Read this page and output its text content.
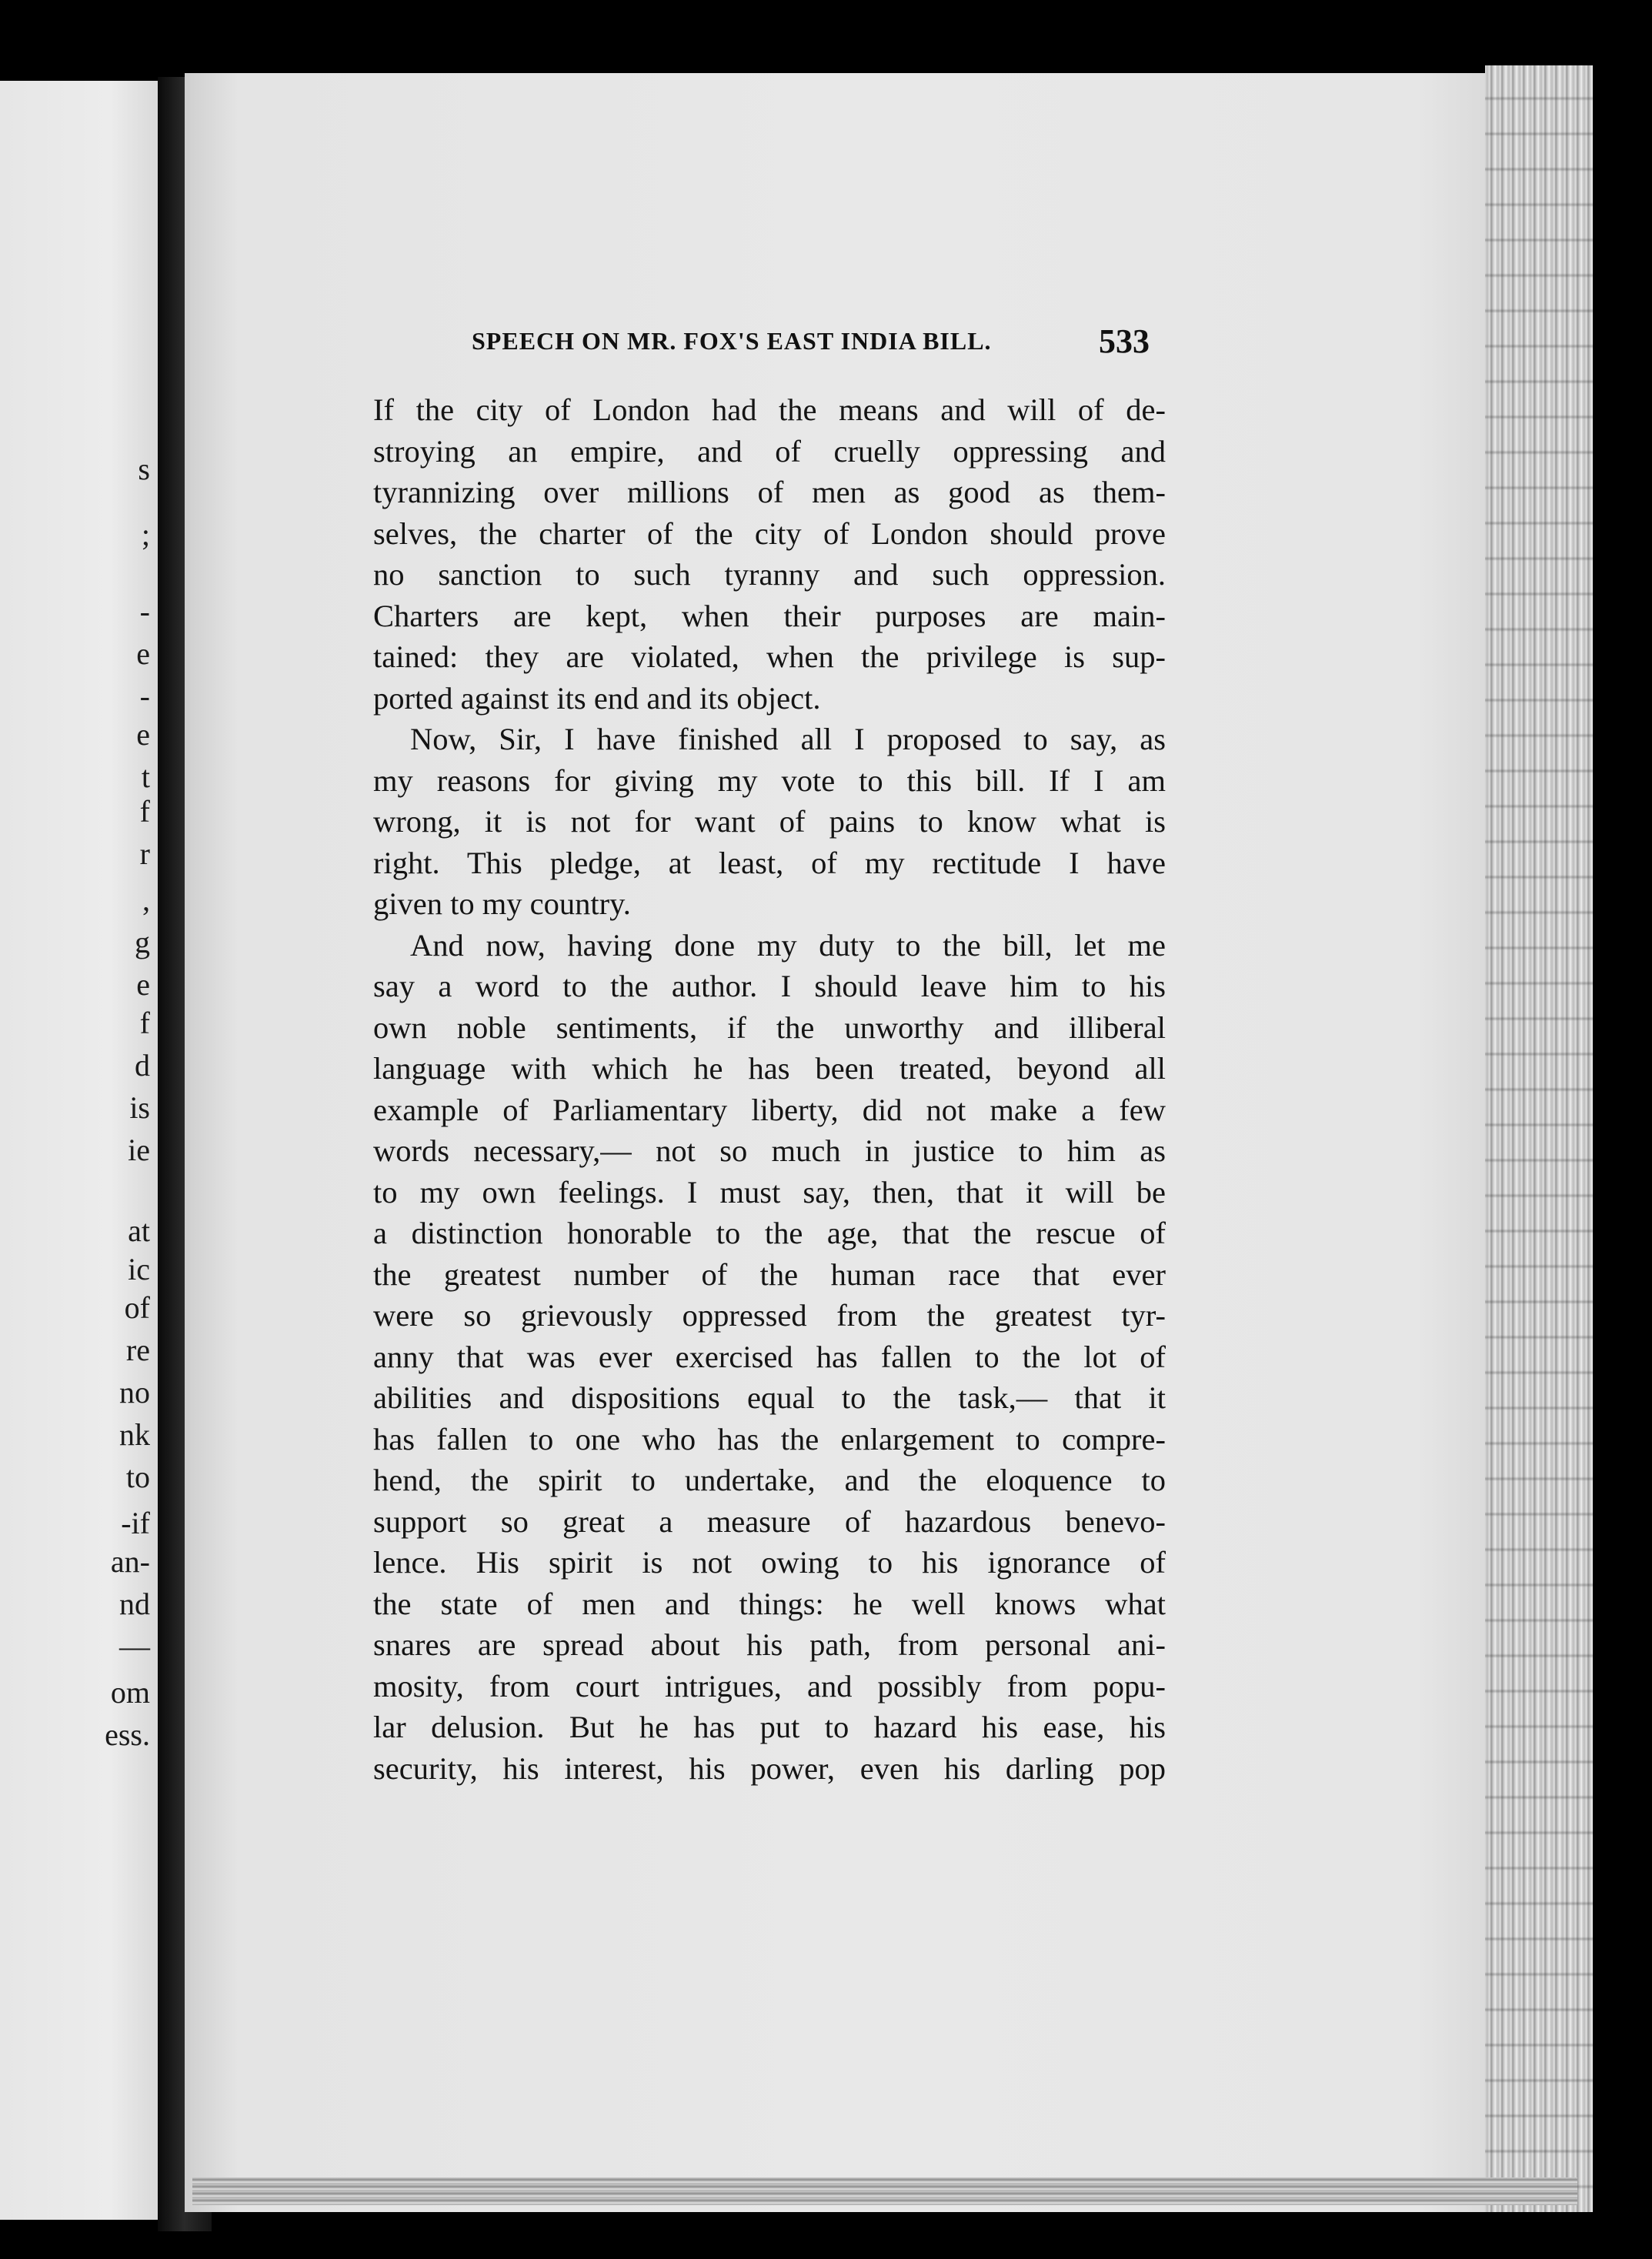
s
;
-
e
-
e
t
f
r
,
g
e
f
d
is
ie
at
ic
of
re
no
nk
to
-if
an-
nd
—
om
ess.
SPEECH ON MR. FOX'S EAST INDIA BILL.	533
If the city of London had the means and will of de-
stroying an empire, and of cruelly oppressing and
tyrannizing over millions of men as good as them-
selves, the charter of the city of London should prove
no sanction to such tyranny and such oppression.
Charters are kept, when their purposes are main-
tained: they are violated, when the privilege is sup-
ported against its end and its object.
Now, Sir, I have finished all I proposed to say, as
my reasons for giving my vote to this bill. If I am
wrong, it is not for want of pains to know what is
right. This pledge, at least, of my rectitude I have
given to my country.
And now, having done my duty to the bill, let me
say a word to the author. I should leave him to his
own noble sentiments, if the unworthy and illiberal
language with which he has been treated, beyond all
example of Parliamentary liberty, did not make a few
words necessary,— not so much in justice to him as
to my own feelings. I must say, then, that it will be
a distinction honorable to the age, that the rescue of
the greatest number of the human race that ever
were so grievously oppressed from the greatest tyr-
anny that was ever exercised has fallen to the lot of
abilities and dispositions equal to the task,— that it
has fallen to one who has the enlargement to compre-
hend, the spirit to undertake, and the eloquence to
support so great a measure of hazardous benevo-
lence. His spirit is not owing to his ignorance of
the state of men and things: he well knows what
snares are spread about his path, from personal ani-
mosity, from court intrigues, and possibly from popu-
lar delusion. But he has put to hazard his ease, his
security, his interest, his power, even his darling pop
